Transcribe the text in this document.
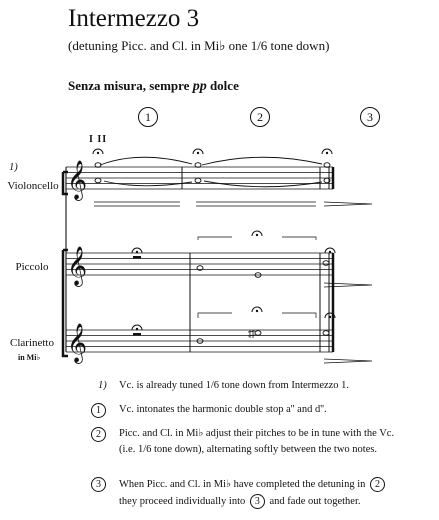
Intermezzo 3
(detuning Picc. and Cl. in Mi♭ one 1/6 tone down)
Senza misura, sempre pp dolce
1	2	3
1)
Violoncello
Piccolo
Clarinetto
in Mi♭
I II
𝄞
𝄞
𝄞
1) Vc. is already tuned 1/6 tone down from Intermezzo 1.
1	Vc. intonates the harmonic double stop a'' and d''.
2	Picc. and Cl. in Mi♭ adjust their pitches to be in tune with the Vc.
(i.e. 1/6 tone down), alternating softly between the two notes.
3	When Picc. and Cl. in Mi♭ have completed the detuning in 2
they proceed individually into 3 and fade out together.
